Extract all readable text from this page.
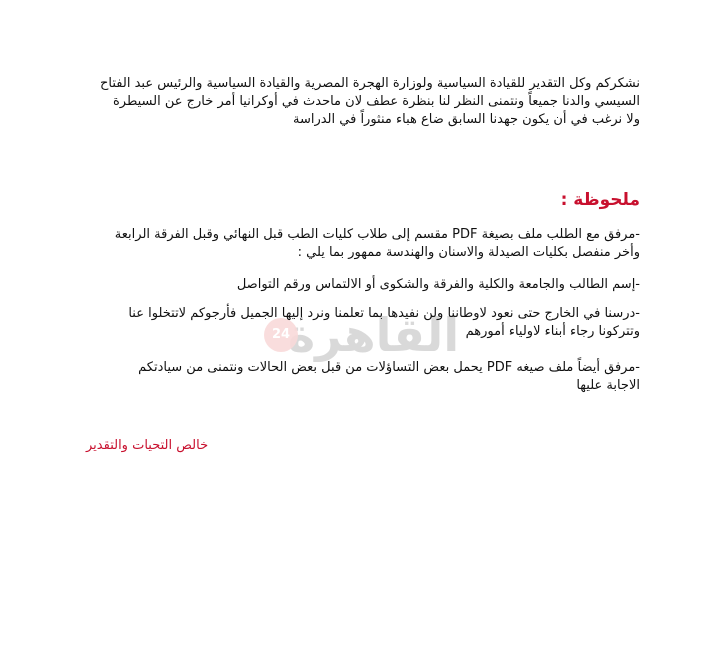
نشكركم وكل التقدير للقيادة السياسية ولوزارة الهجرة المصرية والقيادة السياسية والرئيس عبد الفتاح
السيسي والدنا جميعاً ونتمنى النظر لنا بنظرة عطف لان ماحدث في أوكرانيا أمر خارج عن السيطرة
ولا نرغب في أن يكون جهدنا السابق ضاع هباء منثوراً في الدراسة
ملحوظة :
-مرفق مع الطلب ملف بصيغة PDF مقسم إلى طلاب كليات الطب قبل النهائي وقبل الفرقة الرابعة
وأخر منفصل بكليات الصيدلة والاسنان والهندسة ممهور بما يلي :
-إسم الطالب والجامعة والكلية والفرقة والشكوى أو الالتماس ورقم التواصل
-درسنا في الخارج حتى نعود لاوطاننا ولن نفيدها بما تعلمنا ونرد إليها الجميل فأرجوكم لاتتخلوا عنا
وتتركونا رجاء أبناء لاولياء أمورهم
-مرفق أيضاً ملف صيغه PDF يحمل بعض التساؤلات من قبل بعض الحالات ونتمنى من سيادتكم
الاجابة عليها
خالص التحيات والتقدير
القاهرة
24
